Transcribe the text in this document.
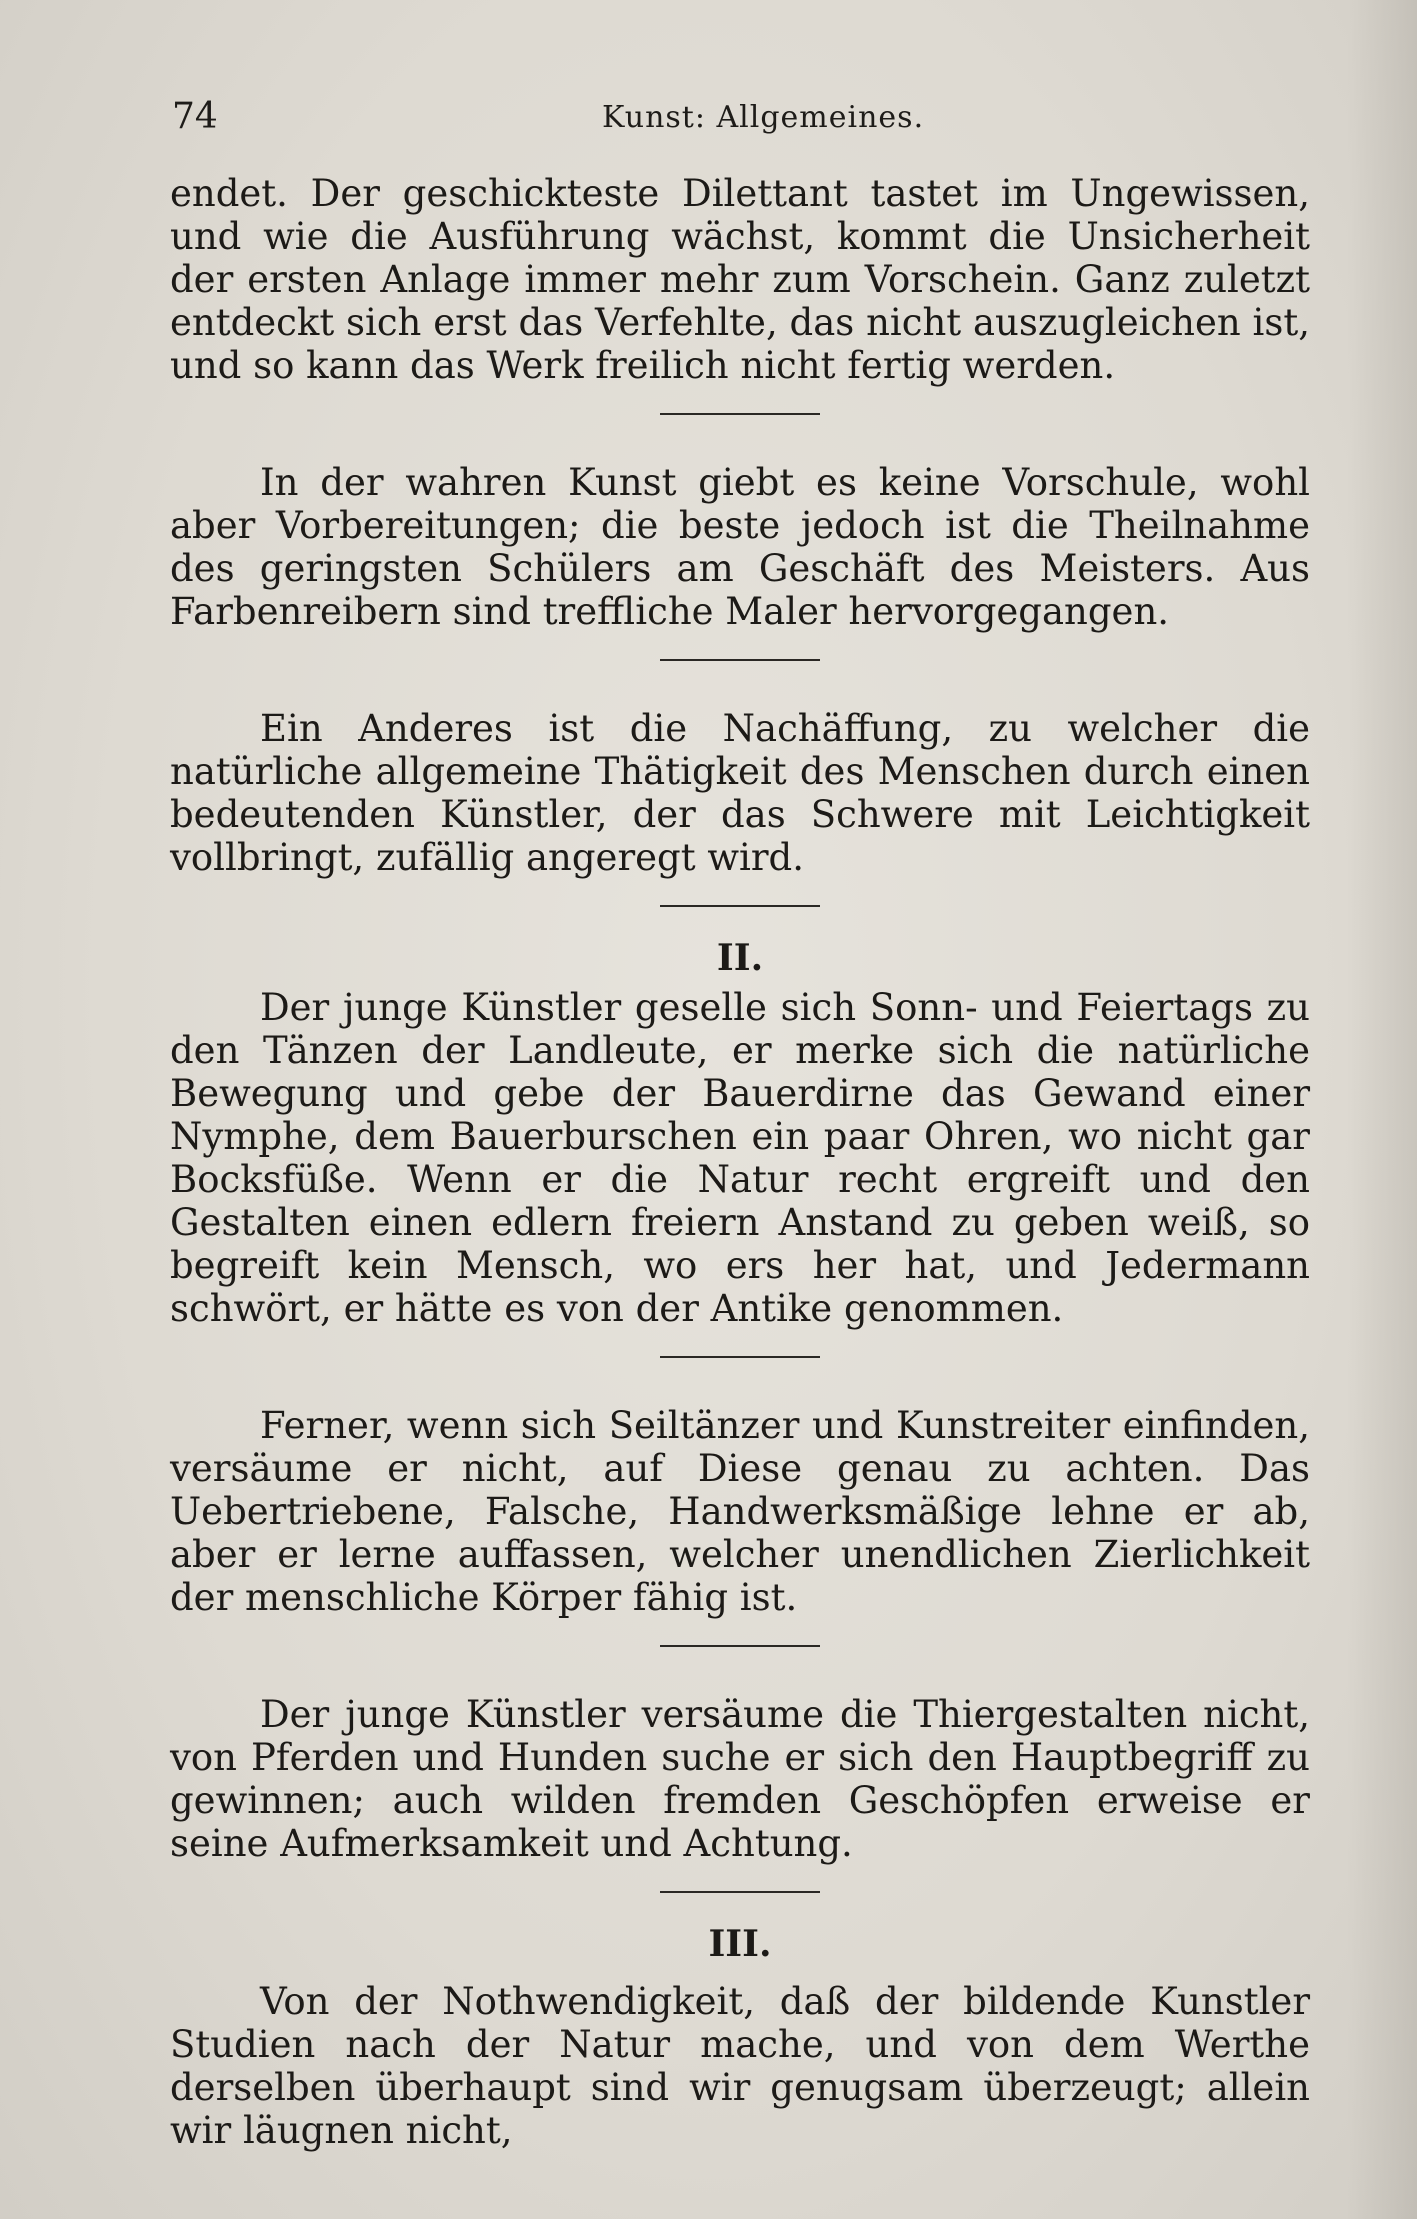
74	Kunst: Allgemeines.

endet. Der geschickteste Dilettant tastet im Ungewissen, und wie die Ausführung wächst, kommt die Unsicherheit der ersten Anlage immer mehr zum Vorschein. Ganz zuletzt entdeckt sich erst das Verfehlte, das nicht auszugleichen ist, und so kann das Werk freilich nicht fertig werden.

In der wahren Kunst giebt es keine Vorschule, wohl aber Vorbereitungen; die beste jedoch ist die Theilnahme des geringsten Schülers am Geschäft des Meisters. Aus Farbenreibern sind treffliche Maler hervorgegangen.

Ein Anderes ist die Nachäffung, zu welcher die natürliche allgemeine Thätigkeit des Menschen durch einen bedeutenden Künstler, der das Schwere mit Leichtigkeit vollbringt, zufällig angeregt wird.

II.

Der junge Künstler geselle sich Sonn- und Feiertags zu den Tänzen der Landleute, er merke sich die natürliche Bewegung und gebe der Bauerdirne das Gewand einer Nymphe, dem Bauerburschen ein paar Ohren, wo nicht gar Bocksfüße. Wenn er die Natur recht ergreift und den Gestalten einen edlern freiern Anstand zu geben weiß, so begreift kein Mensch, wo ers her hat, und Jedermann schwört, er hätte es von der Antike genommen.

Ferner, wenn sich Seiltänzer und Kunstreiter einfinden, versäume er nicht, auf Diese genau zu achten. Das Uebertriebene, Falsche, Handwerksmäßige lehne er ab, aber er lerne auffassen, welcher unendlichen Zierlichkeit der menschliche Körper fähig ist.

Der junge Künstler versäume die Thiergestalten nicht, von Pferden und Hunden suche er sich den Hauptbegriff zu gewinnen; auch wilden fremden Geschöpfen erweise er seine Aufmerksamkeit und Achtung.

III.

Von der Nothwendigkeit, daß der bildende Kunstler Studien nach der Natur mache, und von dem Werthe derselben überhaupt sind wir genugsam überzeugt; allein wir läugnen nicht,
